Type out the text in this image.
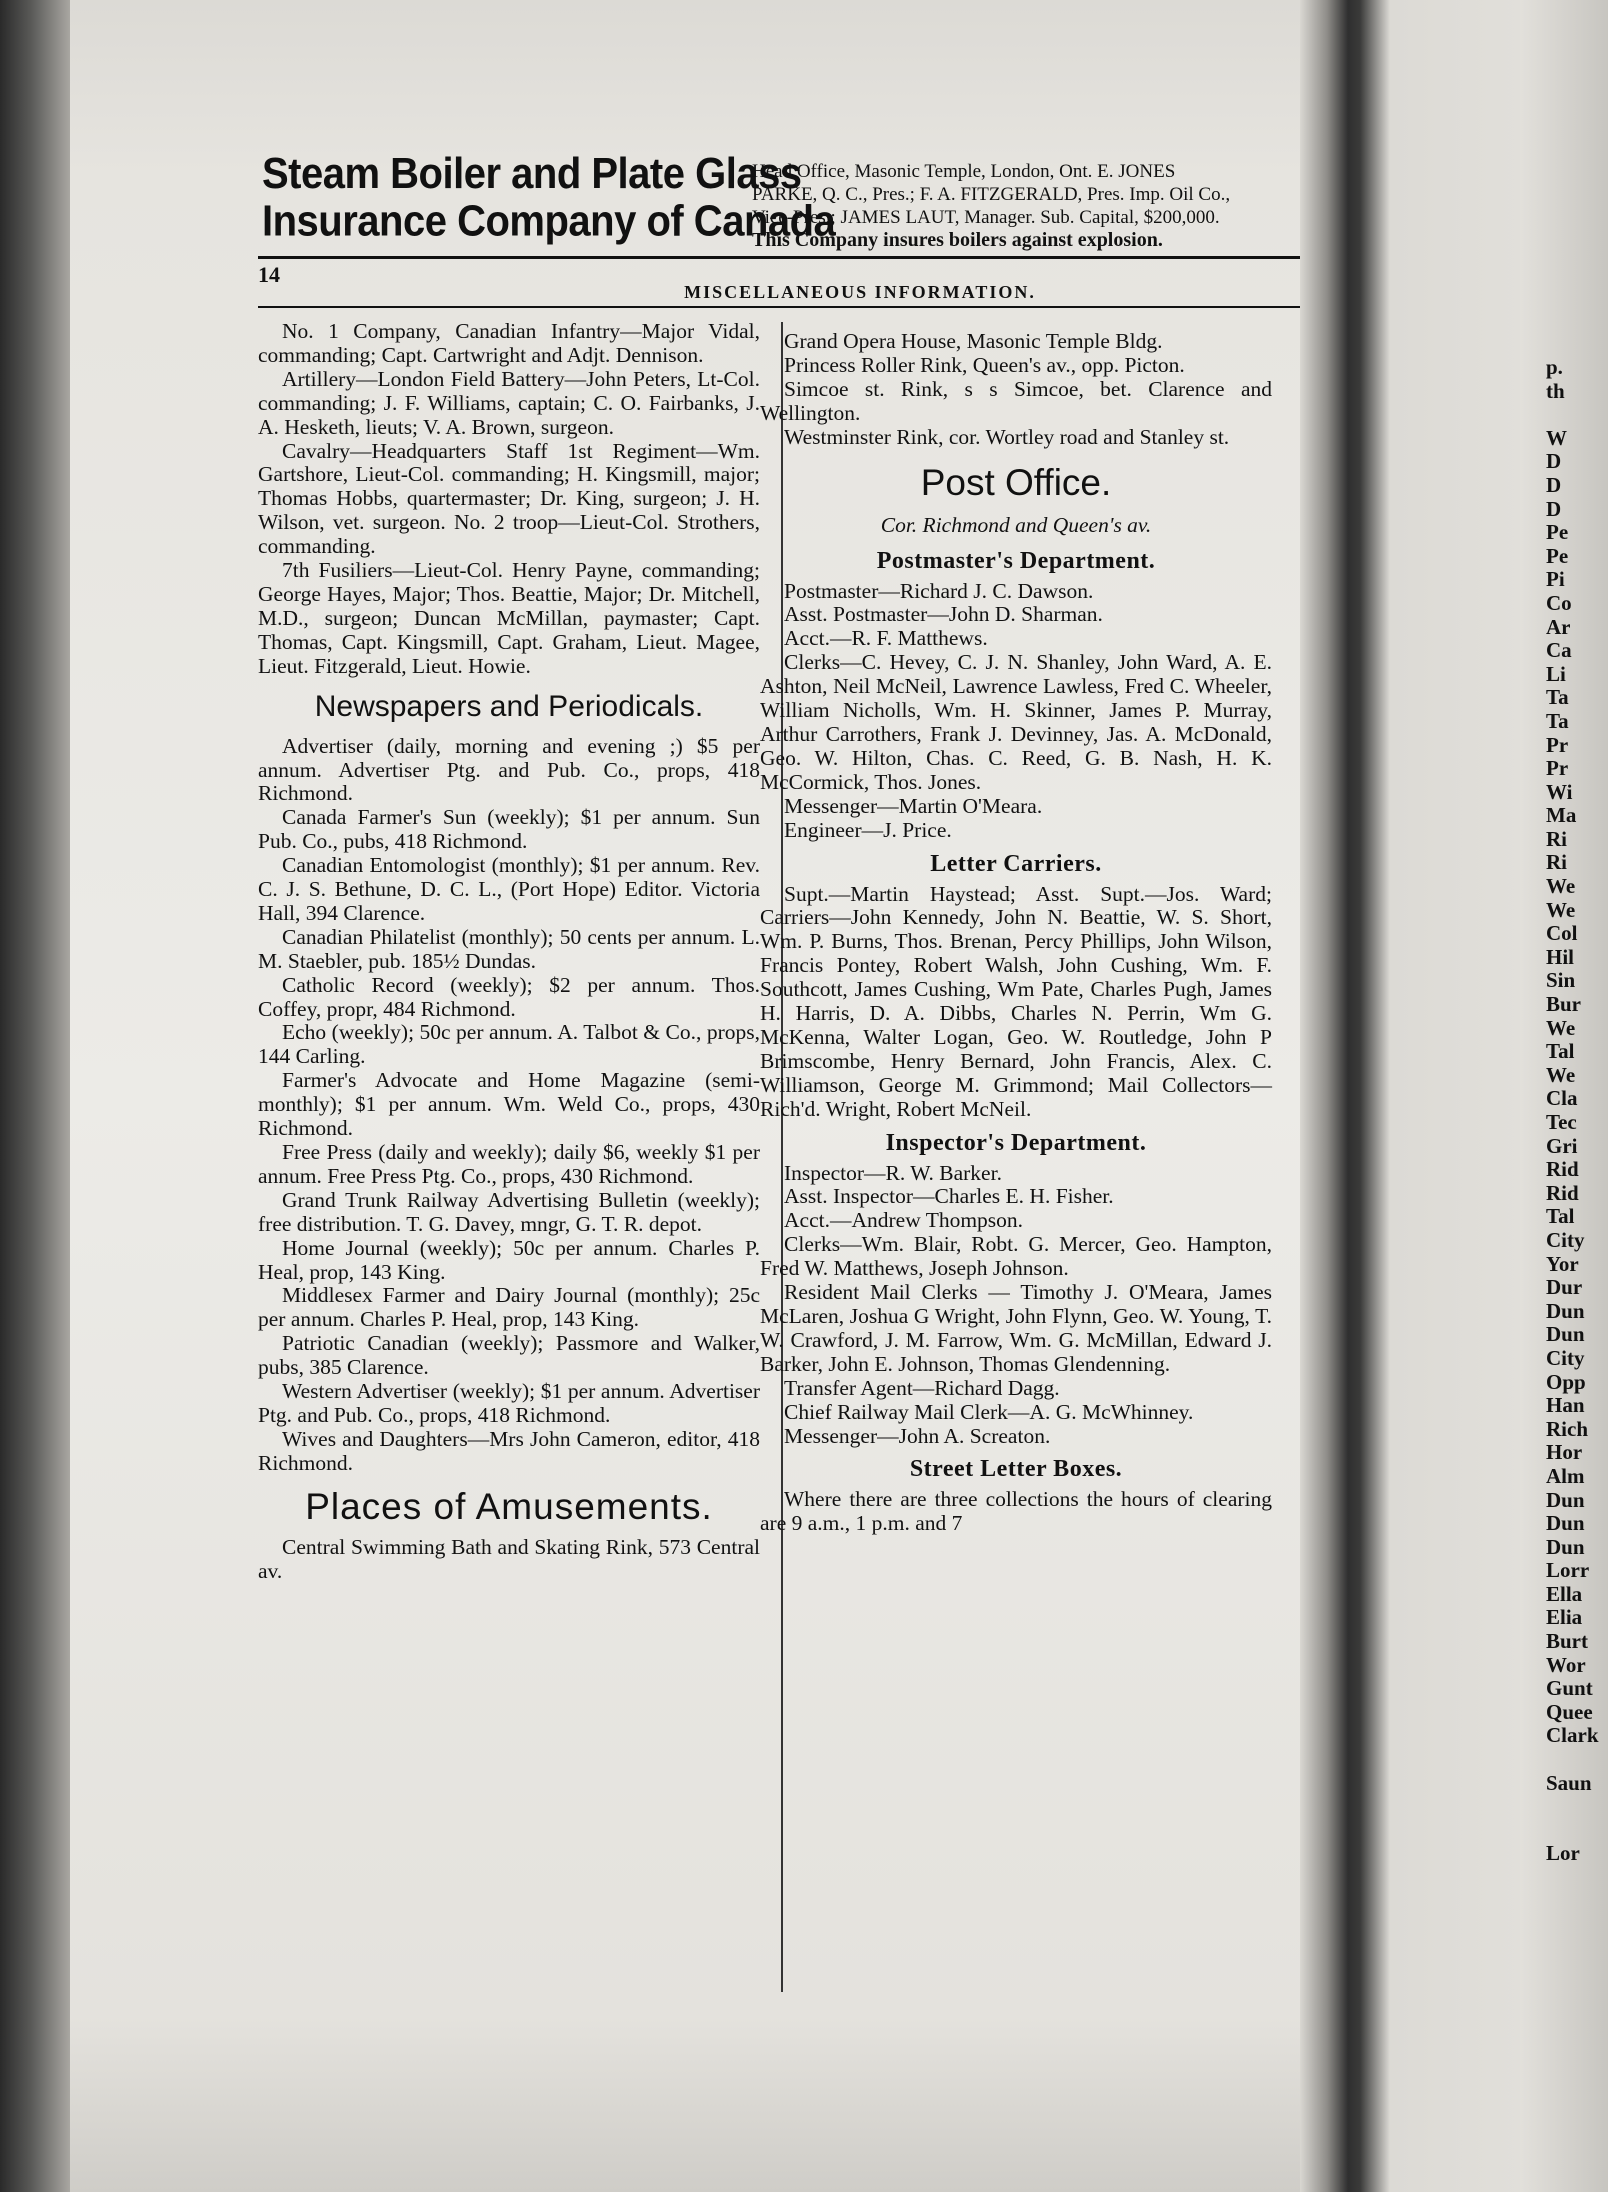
Steam Boiler and Plate Glass
Insurance Company of Canada
Head Office, Masonic Temple, London, Ont. E. JONES
PARKE, Q. C., Pres.; F. A. FITZGERALD, Pres. Imp. Oil Co.,
Vice-Pres.; JAMES LAUT, Manager. Sub. Capital, $200,000.
This Company insures boilers against explosion.
14
MISCELLANEOUS INFORMATION.

No. 1 Company, Canadian Infantry—Major Vidal, commanding; Capt. Cartwright and Adjt. Dennison.

Artillery—London Field Battery—John Peters, Lt-Col. commanding; J. F. Williams, captain; C. O. Fairbanks, J. A. Hesketh, lieuts; V. A. Brown, surgeon.

Cavalry—Headquarters Staff 1st Regiment—Wm. Gartshore, Lieut-Col. commanding; H. Kingsmill, major; Thomas Hobbs, quartermaster; Dr. King, surgeon; J. H. Wilson, vet. surgeon. No. 2 troop—Lieut-Col. Strothers, commanding.

7th Fusiliers—Lieut-Col. Henry Payne, commanding; George Hayes, Major; Thos. Beattie, Major; Dr. Mitchell, M.D., surgeon; Duncan McMillan, paymaster; Capt. Thomas, Capt. Kingsmill, Capt. Graham, Lieut. Magee, Lieut. Fitzgerald, Lieut. Howie.

Newspapers and Periodicals.

Advertiser (daily, morning and evening ;) $5 per annum. Advertiser Ptg. and Pub. Co., props, 418 Richmond.

Canada Farmer's Sun (weekly); $1 per annum. Sun Pub. Co., pubs, 418 Richmond.

Canadian Entomologist (monthly); $1 per annum. Rev. C. J. S. Bethune, D. C. L., (Port Hope) Editor. Victoria Hall, 394 Clarence.

Canadian Philatelist (monthly); 50 cents per annum. L. M. Staebler, pub. 185½ Dundas.

Catholic Record (weekly); $2 per annum. Thos. Coffey, propr, 484 Richmond.

Echo (weekly); 50c per annum. A. Talbot & Co., props, 144 Carling.

Farmer's Advocate and Home Magazine (semi-monthly); $1 per annum. Wm. Weld Co., props, 430 Richmond.

Free Press (daily and weekly); daily $6, weekly $1 per annum. Free Press Ptg. Co., props, 430 Richmond.

Grand Trunk Railway Advertising Bulletin (weekly); free distribution. T. G. Davey, mngr, G. T. R. depot.

Home Journal (weekly); 50c per annum. Charles P. Heal, prop, 143 King.

Middlesex Farmer and Dairy Journal (monthly); 25c per annum. Charles P. Heal, prop, 143 King.

Patriotic Canadian (weekly); Passmore and Walker, pubs, 385 Clarence.

Western Advertiser (weekly); $1 per annum. Advertiser Ptg. and Pub. Co., props, 418 Richmond.

Wives and Daughters—Mrs John Cameron, editor, 418 Richmond.

Places of Amusements.

Central Swimming Bath and Skating Rink, 573 Central av.

Grand Opera House, Masonic Temple Bldg.

Princess Roller Rink, Queen's av., opp. Picton.

Simcoe st. Rink, s s Simcoe, bet. Clarence and Wellington.

Westminster Rink, cor. Wortley road and Stanley st.

Post Office.

Cor. Richmond and Queen's av.

Postmaster's Department.

Postmaster—Richard J. C. Dawson.

Asst. Postmaster—John D. Sharman.

Acct.—R. F. Matthews.

Clerks—C. Hevey, C. J. N. Shanley, John Ward, A. E. Ashton, Neil McNeil, Lawrence Lawless, Fred C. Wheeler, William Nicholls, Wm. H. Skinner, James P. Murray, Arthur Carrothers, Frank J. Devinney, Jas. A. McDonald, Geo. W. Hilton, Chas. C. Reed, G. B. Nash, H. K. McCormick, Thos. Jones.

Messenger—Martin O'Meara.

Engineer—J. Price.

Letter Carriers.

Supt.—Martin Haystead; Asst. Supt.—Jos. Ward; Carriers—John Kennedy, John N. Beattie, W. S. Short, Wm. P. Burns, Thos. Brenan, Percy Phillips, John Wilson, Francis Pontey, Robert Walsh, John Cushing, Wm. F. Southcott, James Cushing, Wm Pate, Charles Pugh, James H. Harris, D. A. Dibbs, Charles N. Perrin, Wm G. McKenna, Walter Logan, Geo. W. Routledge, John P Brimscombe, Henry Bernard, John Francis, Alex. C. Williamson, George M. Grimmond; Mail Collectors—Rich'd. Wright, Robert McNeil.

Inspector's Department.

Inspector—R. W. Barker.

Asst. Inspector—Charles E. H. Fisher.

Acct.—Andrew Thompson.

Clerks—Wm. Blair, Robt. G. Mercer, Geo. Hampton, Fred W. Matthews, Joseph Johnson.

Resident Mail Clerks — Timothy J. O'Meara, James McLaren, Joshua G Wright, John Flynn, Geo. W. Young, T. W. Crawford, J. M. Farrow, Wm. G. McMillan, Edward J. Barker, John E. Johnson, Thomas Glendenning.

Transfer Agent—Richard Dagg.

Chief Railway Mail Clerk—A. G. McWhinney.

Messenger—John A. Screaton.

Street Letter Boxes.

Where there are three collections the hours of clearing are 9 a.m., 1 p.m. and 7

p.
th

W
D
D
D
Pe
Pe
Pi
Co
Ar
Ca
Li
Ta
Ta
Pr
Pr
Wi
Ma
Ri
Ri
We
We
Col
Hil
Sin
Bur
We
Tal
We
Cla
Tec
Gri
Rid
Rid
Tal
City
Yor
Dur
Dun
Dun
City
Opp
Han
Rich
Hor
Alm
Dun
Dun
Dun
Lorr
Ella
Elia
Burt
Wor
Gunt
Quee
Clark

Saun

Lor
